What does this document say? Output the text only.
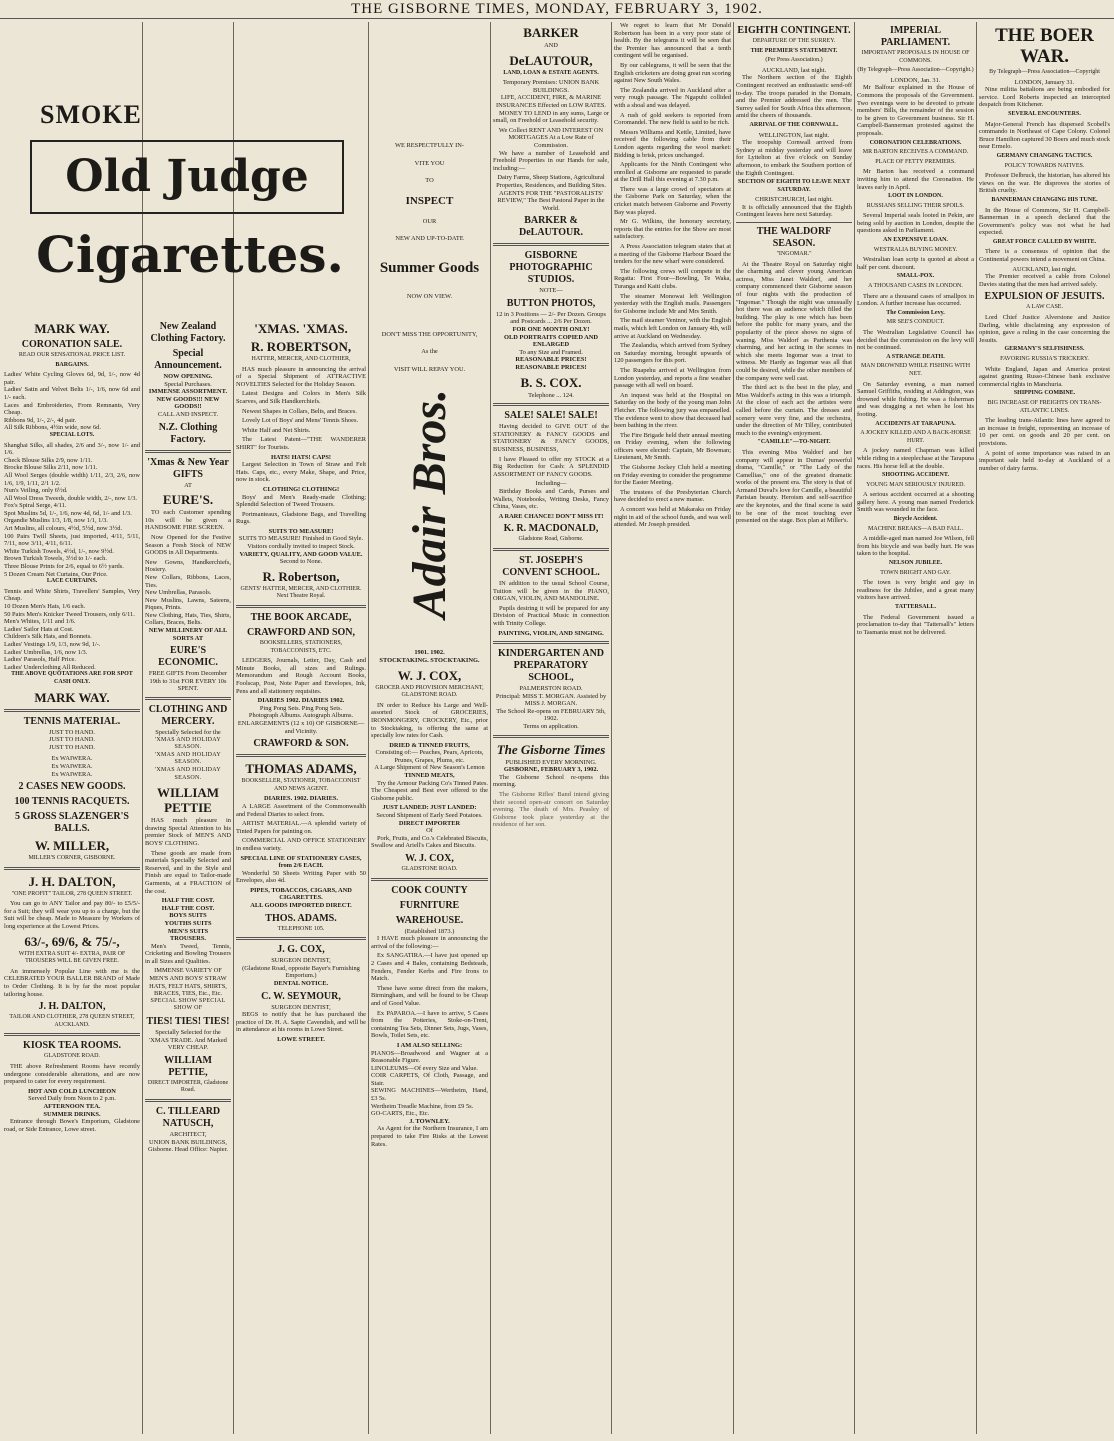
THE GISBORNE TIMES, MONDAY, FEBRUARY 3, 1902.
SMOKE
Old Judge
Cigarettes.
MARK WAY.
CORONATION SALE.
READ OUR SENSATIONAL PRICE LIST.
BARGAINS.
Ladies' White Cycling Gloves 6d, 9d, 1/-, now 4d pair.
Ladies' Satin and Velvet Belts 1/-, 1/6, now 6d and 1/- each.
Laces and Embroideries, From Remnants, Very Cheap.
Ribbons 9d, 1/-, 2/-, 4d pair.
All Silk Ribbons, 4½in wide, now 6d.
SPECIAL LOTS.
Shanghai Silks, all shades, 2/6 and 3/-, now 1/- and 1/6.
Check Blouse Silks 2/9, now 1/11.
Brocke Blouse Silks 2/11, now 1/11.
All Wool Serges (double width) 1/11, 2/3, 2/6, now 1/6, 1/9, 1/11, 2/1 1/2.
Nun's Veiling, only 6½d.
All Wool Dress Tweeds, double width, 2/-, now 1/3.
Fox's Spiral Serge, 4/11.
Spot Muslins 5d, 1/-, 1/6, now 4d, 6d, 1/- and 1/3.
Organdie Muslins 1/3, 1/8, now 1/1, 1/3.
Art Muslins, all colours, 4½d, 5½d, now 3½d.
100 Pairs Twill Sheets, just imported, 4/11, 5/11, 7/11, now 3/11, 4/11, 6/11.
White Turkish Towels, 4½d, 1/-, now 9½d.
Brown Turkish Towels, 3½d to 1/- each.
Three Blouse Prints for 2/6, equal to 6½ yards.
5 Dozen Cream Net Curtains, Our Price.
LACE CURTAINS.
Tennis and White Shirts, Travellers' Samples, Very Cheap.
10 Dozen Men's Hats, 1/6 each.
50 Pairs Men's Knicker Tweed Trousers, only 6/11.
Men's Whites, 1/11 and 1/6.
Ladies' Sailor Hats at Cost.
Children's Silk Hats, and Bonnets.
Ladies' Vestings 1/9, 1/3, now 9d, 1/-.
Ladies' Umbrellas, 1/6, now 1/3.
Ladies' Parasols, Half Price.
Ladies' Underclothing All Reduced.
THE ABOVE QUOTATIONS ARE FOR SPOT CASH ONLY.
MARK WAY.
TENNIS MATERIAL.
JUST TO HAND.
JUST TO HAND.
JUST TO HAND.
Ex WAIWERA.
Ex WAIWERA.
Ex WAIWERA.
2 CASES NEW GOODS.
100 TENNIS RACQUETS.
5 GROSS SLAZENGER'S BALLS.
W. MILLER,
MILLER'S CORNER, GISBORNE.
J. H. DALTON,
"ONE PROFIT" TAILOR, 278 QUEEN STREET.
You can go to ANY Tailor and pay 80/- to £5/5/- for a Suit; they will wear you up to a charge, but the Suit will be cheap. Made to Measure by Workers of long experience at the Lowest Prices.
63/-, 69/6, & 75/-,
WITH EXTRA SUIT 4/- EXTRA, PAIR OF TROUSERS WILL BE GIVEN FREE.
An immensely Popular Line with me is the CELEBRATED YOUR BALLER BRAND of Made to Order Clothing. It is by far the most popular tailoring house.
J. H. DALTON,
TAILOR AND CLOTHIER, 278 QUEEN STREET, AUCKLAND.
KIOSK TEA ROOMS.
GLADSTONE ROAD.
THE above Refreshment Rooms have recently undergone considerable alterations, and are now prepared to cater for every requirement.
HOT AND COLD LUNCHEON
Served Daily from Noon to 2 p.m.
AFTERNOON TEA.
SUMMER DRINKS.
Entrance through Bowe's Emporium, Gladstone road, or Side Entrance, Lowe street.
New Zealand Clothing Factory.
Special Announcement.
NOW OPENING.
Special Purchases.
IMMENSE ASSORTMENT.
NEW GOODS!!! NEW GOODS!!
CALL AND INSPECT.
N.Z. Clothing Factory.
'Xmas & New Year GIFTS
AT
EURE'S.
TO each Customer spending 10s will be given a HANDSOME FIRE SCREEN.
Now Opened for the Festive Season a Fresh Stock of NEW GOODS in All Departments.
New Gowns, Handkerchiefs, Hosiery.
New Collars, Ribbons, Laces, Ties.
New Umbrellas, Parasols.
New Muslins, Lawns, Sateens, Piques, Prints.
New Clothing, Hats, Ties, Shirts, Collars, Braces, Belts.
NEW MILLINERY OF ALL SORTS AT
EURE'S ECONOMIC.
FREE GIFTS From December 19th to 31st FOR EVERY 10s SPENT.
CLOTHING AND MERCERY.
Specially Selected for the
'XMAS AND HOLIDAY SEASON.
'XMAS AND HOLIDAY SEASON.
'XMAS AND HOLIDAY SEASON.
WILLIAM PETTIE
HAS much pleasure in drawing Special Attention to his premier Stock of MEN'S AND BOYS' CLOTHING.
These goods are made from materials Specially Selected and Reserved, and in the Style and Finish are equal to Tailor-made Garments, at a FRACTION of the cost.
HALF THE COST.
HALF THE COST.
BOYS SUITS
YOUTHS SUITS
MEN'S SUITS
TROUSERS.
Men's Tweed, Tennis, Cricketing and Bowling Trousers in all Sizes and Qualities.
IMMENSE VARIETY OF MEN'S AND BOYS' STRAW HATS, FELT HATS, SHIRTS, BRACES, TIES, Etc., Etc.
SPECIAL SHOW SPECIAL SHOW OF
TIES! TIES! TIES!
Specially Selected for the 'XMAS TRADE. And Marked VERY CHEAP.
WILLIAM PETTIE,
DIRECT IMPORTER, Gladstone Road.
C. TILLEARD NATUSCH,
ARCHITECT,
UNION BANK BUILDINGS, Gisborne. Head Office: Napier.
'XMAS. 'XMAS.
R. ROBERTSON,
HATTER, MERCER, AND CLOTHIER,
HAS much pleasure in announcing the arrival of a Special Shipment of ATTRACTIVE NOVELTIES Selected for the Holiday Season.
Latest Designs and Colors in Men's Silk Scarves, and Silk Handkerchiefs.
Newest Shapes in Collars, Belts, and Braces.
Lovely Lot of Boys' and Mens' Tennis Shoes.
White Half and Net Shirts.
The Latest Patent—"THE WANDERER SHIRT" for Tourists.
HATS! HATS! CAPS!
Largest Selection in Town of Straw and Felt Hats. Caps, etc., every Make, Shape, and Price, now in stock.
CLOTHING! CLOTHING!
Boys' and Men's Ready-made Clothing; Splendid Selection of Tweed Trousers.
Portmanteaux, Gladstone Bags, and Travelling Rugs.
SUITS TO MEASURE!
SUITS TO MEASURE! Finished in Good Style.
Visitors cordially invited to inspect Stock.
VARIETY, QUALITY, AND GOOD VALUE.
Second to None.
R. Robertson,
GENTS' HATTER, MERCER, AND CLOTHIER. Next Theatre Royal.
THE BOOK ARCADE,
CRAWFORD AND SON,
BOOKSELLERS, STATIONERS, TOBACCONISTS, ETC.
LEDGERS, Journals, Letter, Day, Cash and Minute Books, all sizes and Rulings. Memorandum and Rough Account Books, Foolscap, Post, Note Paper and Envelopes, Ink, Pens and all stationery requisites.
DIARIES 1902. DIARIES 1902.
Ping Pong Sets. Ping Pong Sets.
Photograph Albums. Autograph Albums.
ENLARGEMENTS (12 x 10) OF GISBORNE—and Vicinity.
CRAWFORD & SON.
THOMAS ADAMS,
BOOKSELLER, STATIONER, TOBACCONIST AND NEWS AGENT.
DIARIES. 1902. DIARIES.
A LARGE Assortment of the Commonwealth and Federal Diaries to select from.
ARTIST MATERIAL.—A splendid variety of Tinted Papers for painting on.
COMMERCIAL AND OFFICE STATIONERY in endless variety.
SPECIAL LINE OF STATIONERY CASES, from 2/6 EACH.
Wonderful 50 Sheets Writing Paper with 50 Envelopes, also 4d.
PIPES, TOBACCOS, CIGARS, AND CIGARETTES.
ALL GOODS IMPORTED DIRECT.
THOS. ADAMS.
TELEPHONE 105.
J. G. COX,
SURGEON DENTIST,
(Gladstone Road, opposite Bayer's Furnishing Emporium.)
DENTAL NOTICE.
C. W. SEYMOUR,
SURGEON DENTIST,
BEGS to notify that he has purchased the practice of Dr. H. A. Sapte Cavendish, and will be in attendance at his rooms in Lowe Street.
LOWE STREET.
WE RESPECTFULLY IN-
VITE YOU
TO
INSPECT
OUR
NEW AND UP-TO-DATE
Summer Goods
NOW ON VIEW.
DON'T MISS THE OPPORTUNITY,
As the
VISIT WILL REPAY YOU.
Adair Bros.
1901. 1902.
STOCKTAKING. STOCKTAKING.
W. J. COX,
GROCER AND PROVISION MERCHANT, GLADSTONE ROAD.
IN order to Reduce his Large and Well-assorted Stock of GROCERIES, IRONMONGERY, CROCKERY, Etc., prior to Stocktaking, is offering the same at specially low rates for Cash.
DRIED & TINNED FRUITS,
Consisting of:— Peaches, Pears, Apricots, Prunes, Grapes, Plums, etc.
A Large Shipment of New Season's Lemon
TINNED MEATS,
Try the Armour Packing Co's Tinned Pates. The Cheapest and Best ever offered to the Gisborne public.
JUST LANDED: JUST LANDED:
Second Shipment of Early Seed Potatoes.
DIRECT IMPORTER
Of
Pork, Fruits, and Co.'s Celebrated Biscuits, Swallow and Ariell's Cakes and Biscuits.
W. J. COX,
GLADSTONE ROAD.
COOK COUNTY
FURNITURE
WAREHOUSE.
(Established 1873.)
I HAVE much pleasure in announcing the arrival of the following:—
Ex SANGATIRA.—I have just opened up 2 Cases and 4 Bales, containing Bedsteads, Fenders, Fender Kerbs and Fire Irons to Match.
These have some direct from the makers, Birmingham, and will be found to be Cheap and of Good Value.
Ex PAPAROA.—I have to arrive, 5 Cases from the Potteries, Stoke-on-Trent, containing Tea Sets, Dinner Sets, Jugs, Vases, Bowls, Toilet Sets, etc.
I AM ALSO SELLING:
PIANOS—Broadwood and Wagner at a Reasonable Figure.
LINOLEUMS—Of every Size and Value.
COIR CARPETS, Of Cloth, Passage, and Stair.
SEWING MACHINES—Wertheim, Hand, £3 5s.
Wertheim Treadle Machine, from £9 5s.
GO-CARTS, Etc., Etc.
J. TOWNLEY.
As Agent for the Northern Insurance, I am prepared to take Fire Risks at the Lowest Rates.
BARKER
AND
DeLAUTOUR,
LAND, LOAN & ESTATE AGENTS.
Temporary Premises: UNION BANK BUILDINGS.
LIFE, ACCIDENT, FIRE, & MARINE INSURANCES Effected on LOW RATES.
MONEY TO LEND in any sums, Large or small, on Freehold or Leasehold security.
We Collect RENT AND INTEREST ON MORTGAGES At a Low Rate of Commission.
We have a number of Leasehold and Freehold Properties in our Hands for sale, including:—
Dairy Farms, Sheep Stations, Agricultural Properties, Residences, and Building Sites.
AGENTS FOR THE "PASTORALISTS' REVIEW," The Best Pastoral Paper in the World.
BARKER & DeLAUTOUR.
GISBORNE PHOTOGRAPHIC STUDIOS.
NOTE—
BUTTON PHOTOS,
12 in 3 Positions — 2/- Per Dozen. Groups and Postcards ... 2/6 Per Dozen.
FOR ONE MONTH ONLY!
OLD PORTRAITS COPIED AND ENLARGED
To any Size and Framed.
REASONABLE PRICES! REASONABLE PRICES!
B. S. COX.
Telephone ... 124.
SALE! SALE! SALE!
Having decided to GIVE OUT of the STATIONERY & FANCY GOODS and STATIONERY & FANCY GOODS, BUSINESS, BUSINESS,
I have Pleased to offer my STOCK at a Big Reduction for Cash: A SPLENDID ASSORTMENT OF FANCY GOODS.
Including—
Birthday Books and Cards, Purses and Wallets, Notebooks, Writing Desks, Fancy China, Vases, etc.
A RARE CHANCE! DON'T MISS IT!
K. R. MACDONALD,
Gladstone Road, Gisborne.
ST. JOSEPH'S CONVENT SCHOOL.
IN addition to the usual School Course, Tuition will be given in the PIANO, ORGAN, VIOLIN, AND MANDOLINE.
Pupils desiring it will be prepared for any Division of Practical Music in connection with Trinity College.
PAINTING, VIOLIN, AND SINGING.
KINDERGARTEN AND PREPARATORY SCHOOL,
PALMERSTON ROAD.
Principal: MISS T. MORGAN. Assisted by MISS J. MORGAN.
The School Re-opens on FEBRUARY 5th, 1902.
Terms on application.
The Gisborne Times
PUBLISHED EVERY MORNING.
GISBORNE, FEBRUARY 3, 1902.
The Gisborne School re-opens this morning.
The Gisborne Rifles' Band intend giving their second open-air concert on Saturday evening. The death of Mrs. Peasley of Gisborne took place yesterday at the residence of her son.
We regret to learn that Mr Donald Robertson has been in a very poor state of health. By the telegrams it will be seen that the Premier has announced that a tenth contingent will be organised.
By our cablegrams, it will be seen that the English cricketers are doing great run scoring against New South Wales.
The Zealandia arrived in Auckland after a very rough passage. The Ngapuhi collided with a shoal and was delayed.
A rush of gold seekers is reported from Coromandel. The new field is said to be rich.
Messrs Williams and Kettle, Limited, have received the following cable from their London agents regarding the wool market: Bidding is brisk, prices unchanged.
Applicants for the Ninth Contingent who enrolled at Gisborne are requested to parade at the Drill Hall this evening at 7.30 p.m.
There was a large crowd of spectators at the Gisborne Park on Saturday, when the cricket match between Gisborne and Poverty Bay was played.
Mr G. Wilkins, the honorary secretary, reports that the entries for the Show are most satisfactory.
A Press Association telegram states that at a meeting of the Gisborne Harbour Board the tenders for the new wharf were considered.
The following crews will compete in the Regatta: First Four—Bowling, Te Waka, Turanga and Kaiti clubs.
The steamer Monowai left Wellington yesterday with the English mails. Passengers for Gisborne include Mr and Mrs Smith.
The mail steamer Ventnor, with the English mails, which left London on January 4th, will arrive at Auckland on Wednesday.
The Zealandia, which arrived from Sydney on Saturday morning, brought upwards of 120 passengers for this port.
The Ruapehu arrived at Wellington from London yesterday, and reports a fine weather passage with all well on board.
An inquest was held at the Hospital on Saturday on the body of the young man John Fletcher. The following jury was empanelled. The evidence went to show that deceased had been bathing in the river.
The Fire Brigade held their annual meeting on Friday evening, when the following officers were elected: Captain, Mr Bowman; Lieutenant, Mr Smith.
The Gisborne Jockey Club held a meeting on Friday evening to consider the programme for the Easter Meeting.
The trustees of the Presbyterian Church have decided to erect a new manse.
A concert was held at Makaraka on Friday night in aid of the school funds, and was well attended. Mr Joseph presided.
EIGHTH CONTINGENT.
DEPARTURE OF THE SURREY.
THE PREMIER'S STATEMENT.
(Per Press Association.)
AUCKLAND, last night.
The Northern section of the Eighth Contingent received an enthusiastic send-off to-day. The troops paraded in the Domain, and the Premier addressed the men. The Surrey sailed for South Africa this afternoon, amid the cheers of thousands.
ARRIVAL OF THE CORNWALL.
WELLINGTON, last night.
The troopship Cornwall arrived from Sydney at midday yesterday and will leave for Lyttelton at five o'clock on Sunday afternoon, to embark the Southern portion of the Eighth Contingent.
SECTION OF EIGHTH TO LEAVE NEXT SATURDAY.
CHRISTCHURCH, last night.
It is officially announced that the Eighth Contingent leaves here next Saturday.
THE WALDORF SEASON.
"INGOMAR."
At the Theatre Royal on Saturday night the charming and clever young American actress, Miss Janet Waldorf, and her company commenced their Gisborne season of four nights with the production of "Ingomar." Though the night was unusually hot there was an audience which filled the building. The play is one which has been before the public for many years, and the popularity of the piece shows no signs of waning. Miss Waldorf as Parthenia was charming, and her acting in the scenes in which she meets Ingomar was a treat to witness. Mr Hardy as Ingomar was all that could be desired, while the other members of the company were well cast.
The third act is the best in the play, and Miss Waldorf's acting in this was a triumph. At the close of each act the artistes were called before the curtain. The dresses and scenery were very fine, and the orchestra, under the direction of Mr Tilley, contributed much to the evening's enjoyment.
"CAMILLE"—TO-NIGHT.
This evening Miss Waldorf and her company will appear in Dumas' powerful drama, "Camille," or "The Lady of the Camellias," one of the greatest dramatic works of the present era. The story is that of Armand Duval's love for Camille, a beautiful Parisian beauty. Heroism and self-sacrifice are the keynotes, and the final scene is said to be one of the most touching ever presented on the stage. Box plan at Miller's.
IMPERIAL PARLIAMENT.
IMPORTANT PROPOSALS IN HOUSE OF COMMONS.
(By Telegraph—Press Association—Copyright.)
LONDON, Jan. 31.
Mr Balfour explained in the House of Commons the proposals of the Government. Two evenings were to be devoted to private members' Bills, the remainder of the session to be given to Government business. Sir H. Campbell-Bannerman protested against the proposals.
CORONATION CELEBRATIONS.
MR BARTON RECEIVES A COMMAND.
PLACE OF FETTY PREMIERS.
Mr Barton has received a command inviting him to attend the Coronation. He leaves early in April.
LOOT IN LONDON.
RUSSIANS SELLING THEIR SPOILS.
Several Imperial seals looted in Pekin, are being sold by auction in London, despite the questions asked in Parliament.
AN EXPENSIVE LOAN.
WESTRALIA BUYING MONEY.
Westralian loan scrip is quoted at about a half per cent. discount.
SMALL-POX.
A THOUSAND CASES IN LONDON.
There are a thousand cases of smallpox in London. A further increase has occurred.
The Commission Levy.
MR SEE'S CONDUCT.
The Westralian Legislative Council has decided that the commission on the levy will not be continued.
A STRANGE DEATH.
MAN DROWNED WHILE FISHING WITH NET.
On Saturday evening, a man named Samuel Griffiths, residing at Addington, was drowned while fishing. He was a fisherman and was dragging a net when he lost his footing.
ACCIDENTS AT TARAPUNA.
A JOCKEY KILLED AND A BACK-HORSE HURT.
A jockey named Chapman was killed while riding in a steeplechase at the Tarapuna races. His horse fell at the double.
SHOOTING ACCIDENT.
YOUNG MAN SERIOUSLY INJURED.
A serious accident occurred at a shooting gallery here. A young man named Frederick Smith was wounded in the face.
Bicycle Accident.
MACHINE BREAKS—A BAD FALL.
A middle-aged man named Joe Wilson, fell from his bicycle and was badly hurt. He was taken to the hospital.
NELSON JUBILEE.
TOWN BRIGHT AND GAY.
The town is very bright and gay in readiness for the Jubilee, and a great many visitors have arrived.
TATTERSALL.
The Federal Government issued a proclamation to-day that "Tattersall's" letters to Tasmania must not be delivered.
THE BOER WAR.
By Telegraph—Press Association—Copyright
LONDON, January 31.
Nine militia battalions are being embodied for service. Lord Roberts inspected an intercepted despatch from Kitchener.
SEVERAL ENCOUNTERS.
Major-General French has dispersed Scobell's commando in Northeast of Cape Colony. Colonel Bruce Hamilton captured 30 Boers and much stock near Ermelo.
GERMANY CHANGING TACTICS.
POLICY TOWARDS NATIVES.
Professor Delbruck, the historian, has altered his views on the war. He disproves the stories of British cruelty.
BANNERMAN CHANGING HIS TUNE.
In the House of Commons, Sir H. Campbell-Bannerman in a speech declared that the Government's policy was not what he had expected.
GREAT FORCE CALLED BY WHITE.
There is a consensus of opinion that the Continental powers intend a movement on China.
AUCKLAND, last night.
The Premier received a cable from Colonel Davies stating that the men had arrived safely.
EXPULSION OF JESUITS.
A LAW CASE.
Lord Chief Justice Alverstone and Justice Darling, while disclaiming any expression of opinion, gave a ruling in the case concerning the Jesuits.
GERMANY'S SELFISHNESS.
FAVORING RUSSIA'S TRICKERY.
White England, Japan and America protest against granting Russo-Chinese bank exclusive commercial rights in Manchuria.
SHIPPING COMBINE.
BIG INCREASE OF FREIGHTS ON TRANS-ATLANTIC LINES.
The leading trans-Atlantic lines have agreed to an increase in freight, representing an increase of 10 per cent. on goods and 20 per cent. on provisions.
A point of some importance was raised in an important sale held to-day at Auckland of a number of dairy farms.
